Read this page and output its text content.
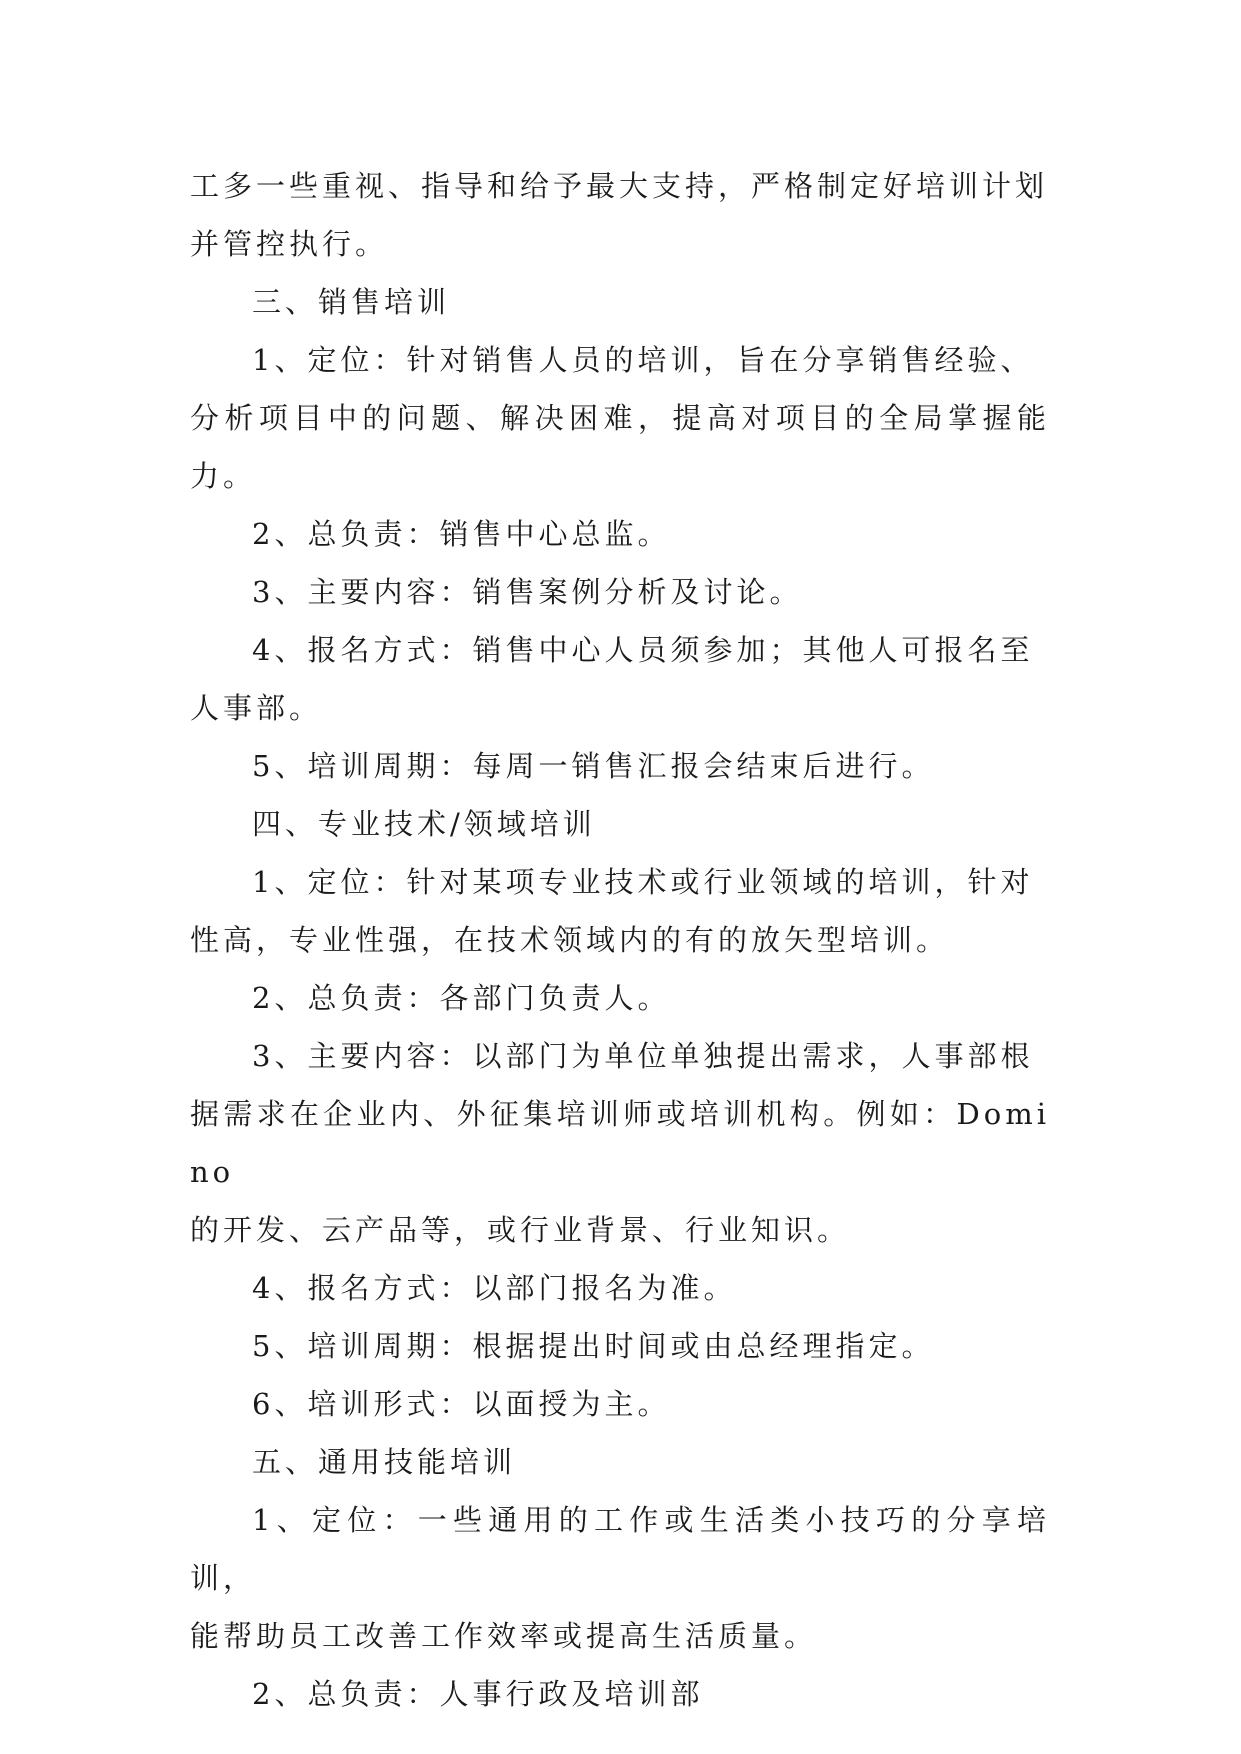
工多一些重视、指导和给予最大支持，严格制定好培训计划
并管控执行。
三、销售培训
1、定位：针对销售人员的培训，旨在分享销售经验、
分析项目中的问题、解决困难，提高对项目的全局掌握能力。
2、总负责：销售中心总监。
3、主要内容：销售案例分析及讨论。
4、报名方式：销售中心人员须参加；其他人可报名至
人事部。
5、培训周期：每周一销售汇报会结束后进行。
四、专业技术/领域培训
1、定位：针对某项专业技术或行业领域的培训，针对
性高，专业性强，在技术领域内的有的放矢型培训。
2、总负责：各部门负责人。
3、主要内容：以部门为单位单独提出需求，人事部根
据需求在企业内、外征集培训师或培训机构。例如：Domino
的开发、云产品等，或行业背景、行业知识。
4、报名方式：以部门报名为准。
5、培训周期：根据提出时间或由总经理指定。
6、培训形式：以面授为主。
五、通用技能培训
1、定位：一些通用的工作或生活类小技巧的分享培训，
能帮助员工改善工作效率或提高生活质量。
2、总负责：人事行政及培训部
